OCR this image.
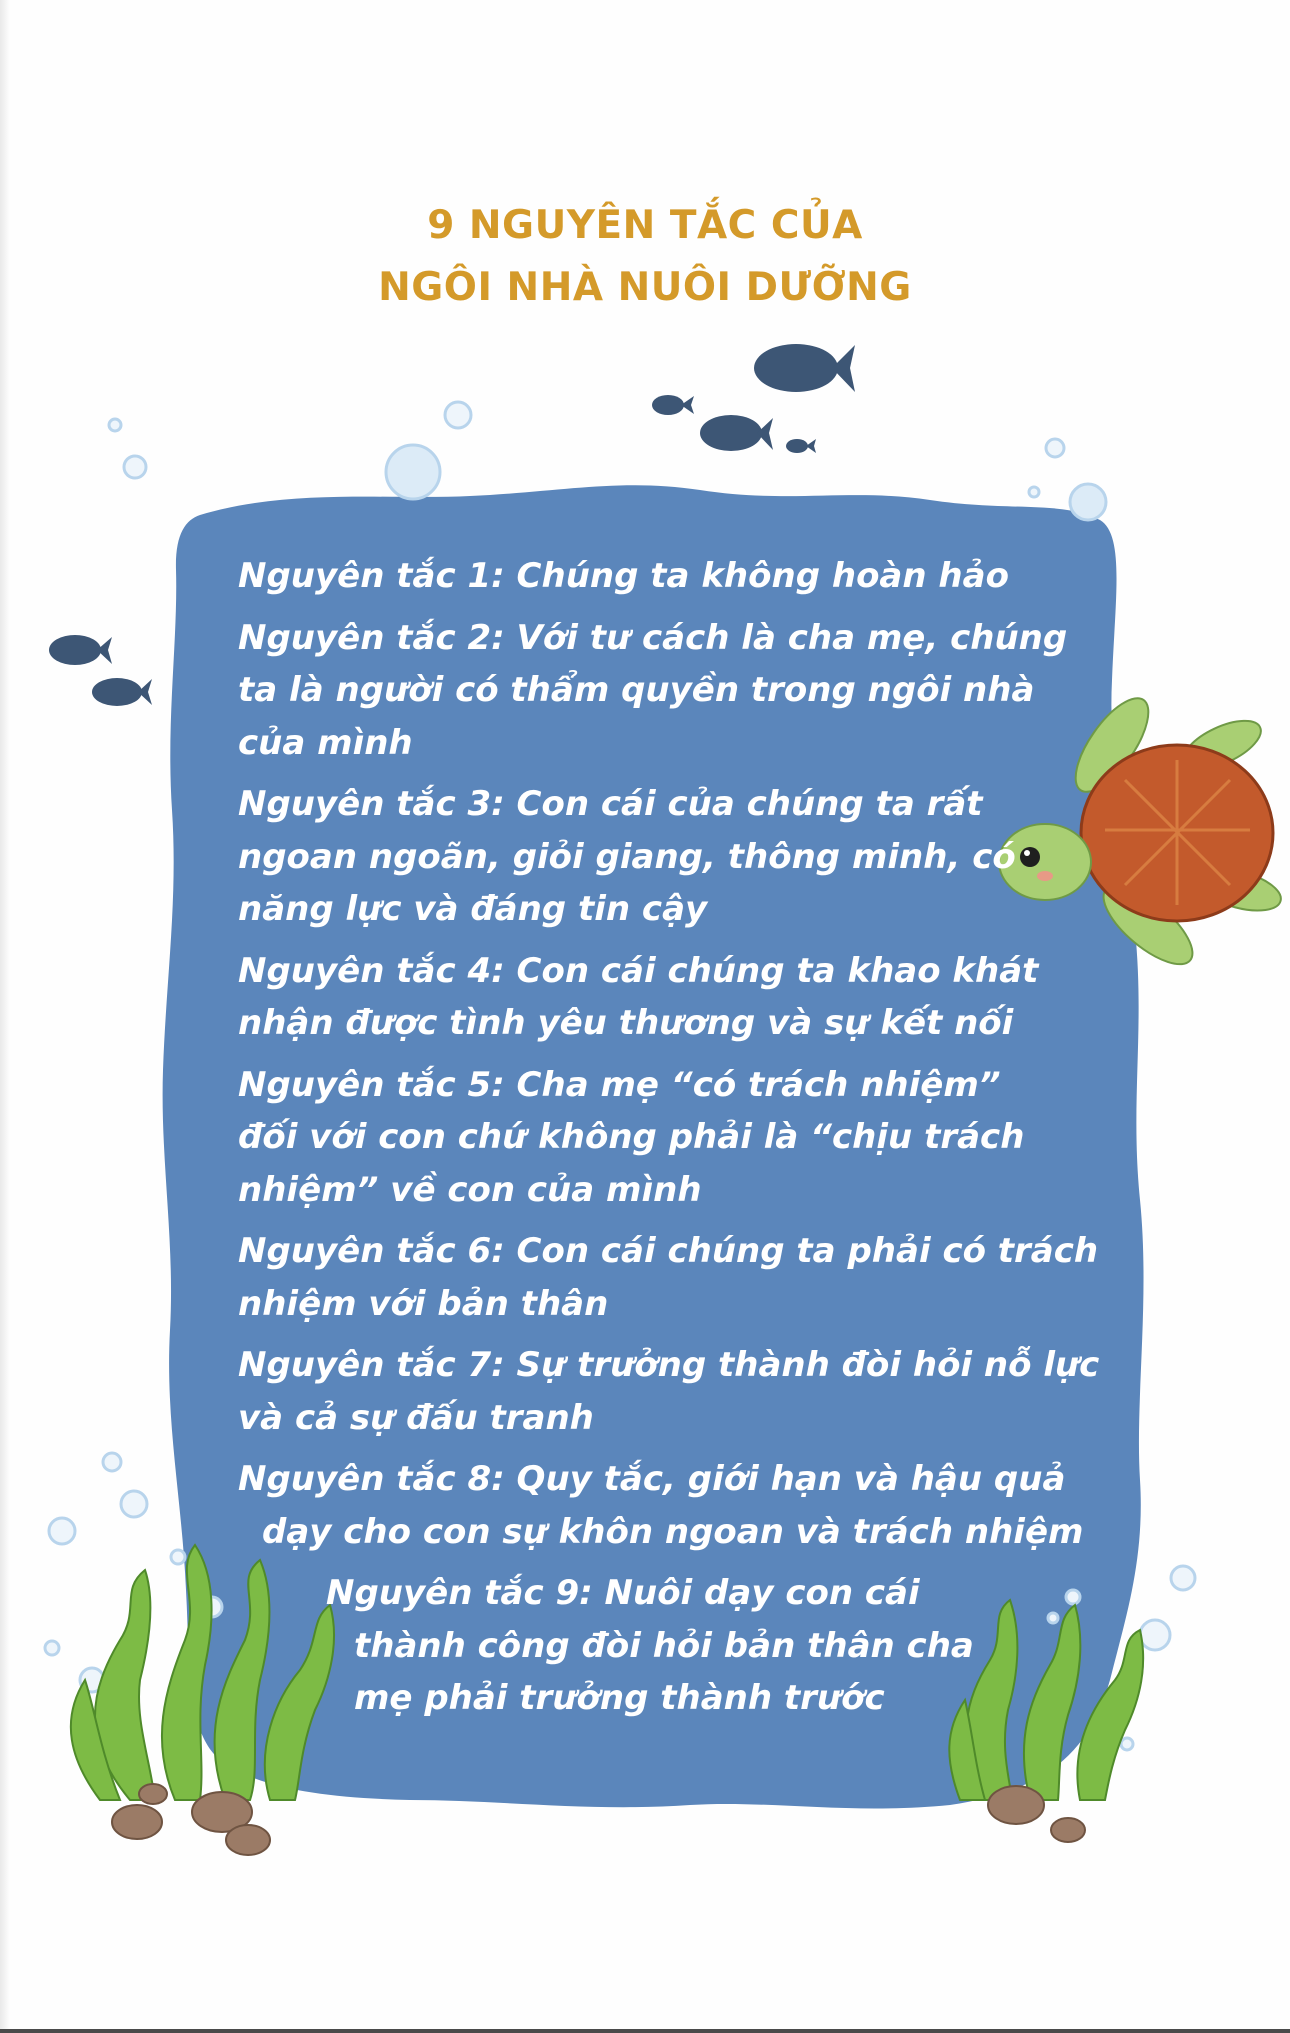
9 NGUYÊN TẮC CỦA
NGÔI NHÀ NUÔI DƯỠNG
Nguyên tắc 1: Chúng ta không hoàn hảo
Nguyên tắc 2: Với tư cách là cha mẹ, chúng
ta là người có thẩm quyền trong ngôi nhà
của mình
Nguyên tắc 3: Con cái của chúng ta rất
ngoan ngoãn, giỏi giang, thông minh, có
năng lực và đáng tin cậy
Nguyên tắc 4: Con cái chúng ta khao khát
nhận được tình yêu thương và sự kết nối
Nguyên tắc 5: Cha mẹ “có trách nhiệm”
đối với con chứ không phải là “chịu trách
nhiệm” về con của mình
Nguyên tắc 6: Con cái chúng ta phải có trách
nhiệm với bản thân
Nguyên tắc 7: Sự trưởng thành đòi hỏi nỗ lực
và cả sự đấu tranh
Nguyên tắc 8: Quy tắc, giới hạn và hậu quả
dạy cho con sự khôn ngoan và trách nhiệm
Nguyên tắc 9: Nuôi dạy con cái
thành công đòi hỏi bản thân cha
mẹ phải trưởng thành trước
